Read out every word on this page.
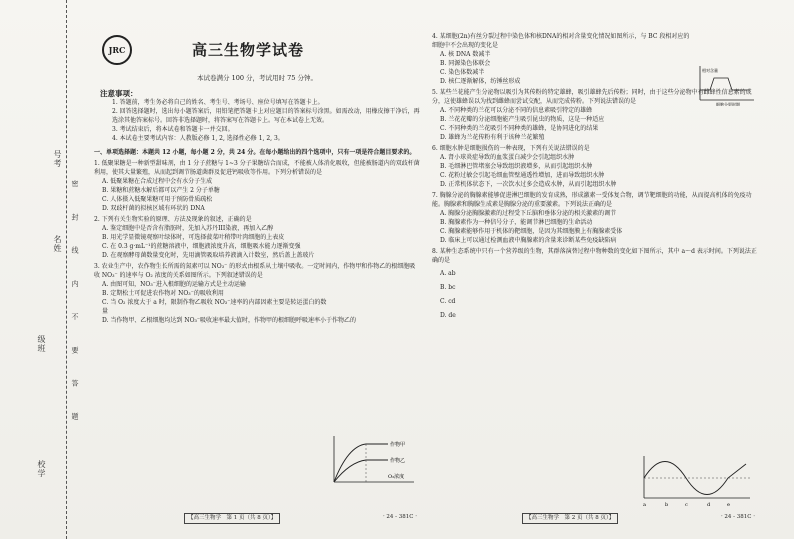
号考
名姓
级班
校学
密 封 线 内 不 要 答 题
JRC	高三生物学试卷
本试卷满分 100 分，考试用时 75 分钟。
注意事项：

1. 答题前，考生务必将自己的姓名、考生号、考场号、座位号填写在答题卡上。

2. 回答选择题时，选出每小题答案后，用铅笔把答题卡上对应题目的答案标号涂黑。如需改动，用橡皮擦干净后，再选涂其他答案标号。回答非选择题时，将答案写在答题卡上。写在本试卷上无效。

3. 考试结束后，将本试卷和答题卡一并交回。

4. 本试卷主要考试内容：人教版必修 1, 2, 选择性必修 1, 2, 3。

一、单项选择题：本题共 12 小题，每小题 2 分，共 24 分。在每小题给出的四个选项中，只有一项是符合题目要求的。
1. 低聚果糖是一种新型甜味剂，由 1 分子蔗糖与 1~3 分子果糖结合而成，不能被人体消化吸收，但能被肠道内的双歧杆菌利用，使其大量繁殖，从而起到调节肠道菌群及促进钙吸收等作用。下列分析错误的是
A. 低聚果糖在合成过程中会有水分子生成
B. 果糖和蔗糖水解后都可以产生 2 分子单糖
C. 人体摄入低聚果糖可用于预防骨质疏松
D. 双歧杆菌的拟核区域有环状的 DNA
2. 下列有关生物实验的原理、方法及现象的叙述，正确的是
A. 鉴定细胞中是否含有脂肪时，先加入苏丹III染液，再加入乙醇
B. 用光学显微镜观察叶绿体时，可选择菠菜叶稍带叶肉细胞的上表皮
C. 在 0.3 g·mL⁻¹的蔗糖溶液中，细胞液浓度升高，细胞吸水能力逐渐变强
D. 在观察酵母菌数量变化时，先用滴管吸取培养液滴入计数室，然后盖上盖玻片
3. 农业生产中，农作物生长所需的氮素可以 NO₃⁻ 的形式由根系从土壤中吸收。一定时间内，作物甲和作物乙的根细胞吸收 NO₃⁻ 的速率与 O₂ 浓度的关系如图所示。下列叙述错误的是
A. 由图可知，NO₃⁻进入根细胞的运输方式是主动运输
B. 定期松土可促进农作物对 NO₃⁻的吸收利用
C. 当 O₂ 浓度大于 a 时，限制作物乙吸收 NO₃⁻速率的内部因素主要是转运蛋白的数量
D. 当作物甲、乙根细胞均达到 NO₃⁻吸收速率最大值时，作物甲的根细胞呼吸速率小于作物乙的
作物甲
作物乙
O₂浓度
【高三生物学　第 1 页（共 8 页）】	· 24 - 381C ·
4. 某细胞(2n)有丝分裂过程中染色体和核DNA的相对含量变化情况如图所示，与 BC 段相对应的细胞中不会出现的变化是
A. 核 DNA 数减半
B. 同源染色体联会
C. 染色体数减半
D. 核仁逐渐解体，纺锤丝形成
相对含量
细胞分裂时期
5. 某些兰花能产生分泌物以吸引为其传粉的特定雄蜂，吸引雄蜂先后传粉；同时，由于这些分泌物中有雌蜂性信息素的成分，这使雄蜂误以为找到雌蜂而尝试交配，从而完成传粉。下列说法错误的是
A. 不同种类的兰花可以分泌不同的信息素吸引特定的雄蜂
B. 兰花花瓣的分泌细胞能产生吸引昆虫的物质，这是一种适应
C. 不同种类的兰花吸引不同种类的雄蜂，是协同进化的结果
D. 雄蜂为兰花传粉有利于该种兰花繁殖
6. 细胞水肿是细胞损伤的一种表现，下列有关说法错误的是
A. 肾小球炎症导致的血浆蛋白减少会引起组织水肿
B. 毛细淋巴管堵塞会导致组织液增多，从而引起组织水肿
C. 花粉过敏会引起毛细血管壁通透性增加，进而导致组织水肿
D. 正常机体状态下，一次饮水过多会造成水肿，从而引起组织水肿
7. 胸腺分泌的胸腺素能够促进淋巴细胞的发育成熟，形成激素一受体复合物，调节靶细胞的功能，从而提高机体的免疫功能。胸腺素和胸腺生成素是胸腺分泌的重要激素。下列说法正确的是
A. 胸腺分泌胸腺激素的过程受下丘脑和垂体分泌的相关激素的调节
B. 胸腺素作为一种信号分子，能调节淋巴细胞的生命活动
C. 胸腺素能够作用于机体的靶细胞，是因为其细胞膜上有胸腺素受体
D. 临床上可以通过检测血液中胸腺素的含量来诊断某些免疫缺陷病
8. 某种生态系统中只有一个营养级的生物，其群落演替过程中物种数的变化如下图所示，其中 a～d 表示时间。下列说法正确的是
A. ab
B. bc
C. cd
D. de
a	b	c	d	e
【高三生物学　第 2 页（共 8 页）】	· 24 - 381C ·
